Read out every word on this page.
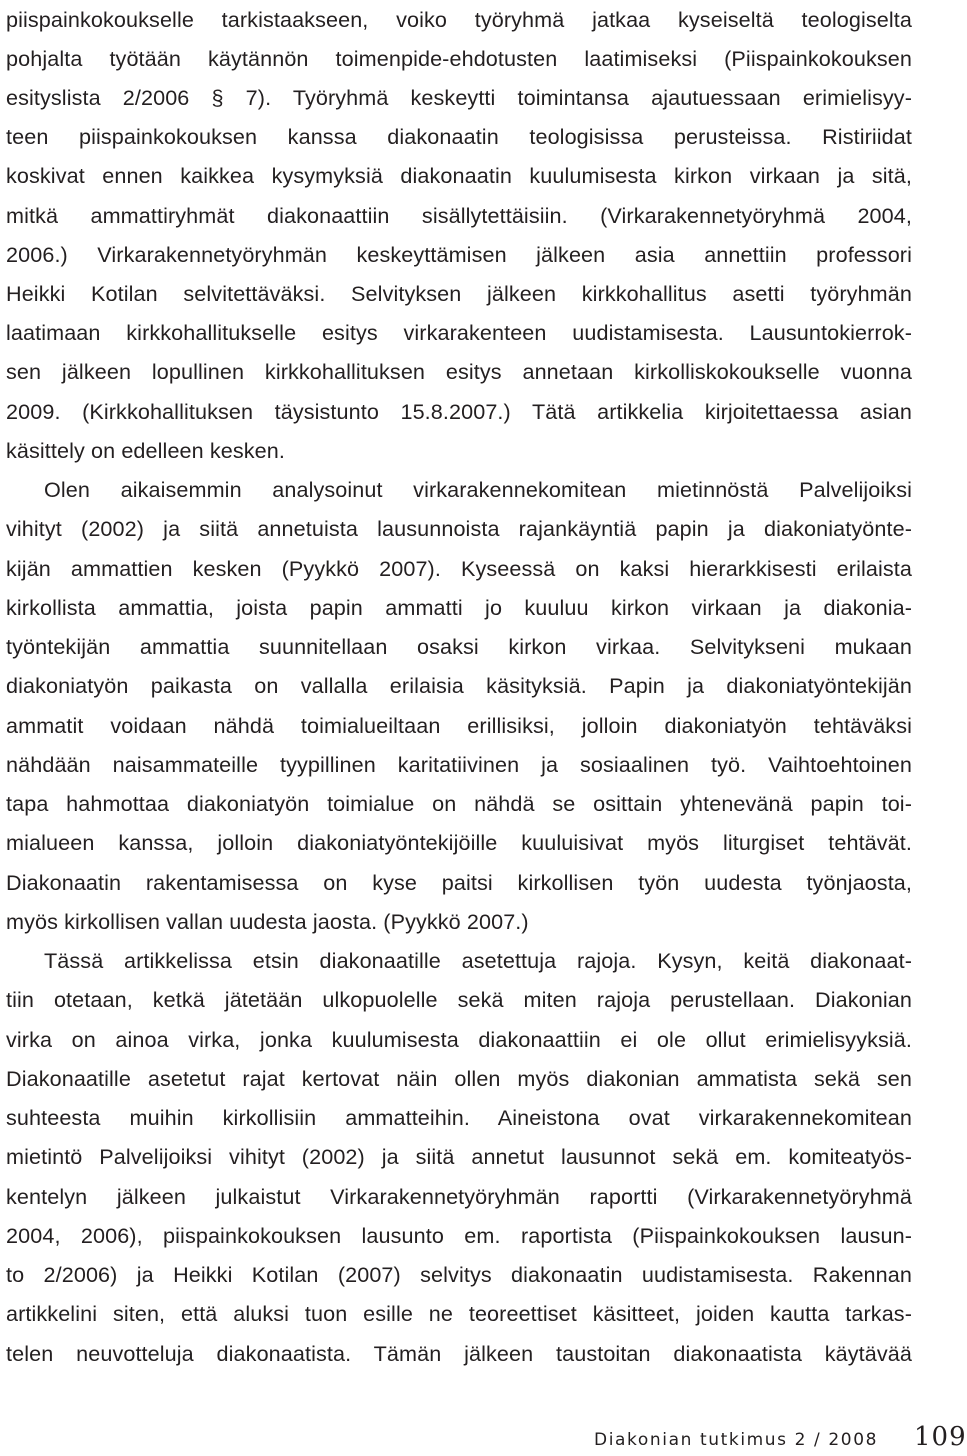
piispainkokoukselle tarkistaakseen, voiko työryhmä jatkaa kyseiseltä teologiselta
pohjalta työtään käytännön toimenpide-ehdotusten laatimiseksi (Piispainkokouksen
esityslista 2/2006 § 7). Työryhmä keskeytti toimintansa ajautuessaan erimielisyy-
teen piispainkokouksen kanssa diakonaatin teologisissa perusteissa. Ristiriidat
koskivat ennen kaikkea kysymyksiä diakonaatin kuulumisesta kirkon virkaan ja sitä,
mitkä ammattiryhmät diakonaattiin sisällytettäisiin. (Virkarakennetyöryhmä 2004,
2006.) Virkarakennetyöryhmän keskeyttämisen jälkeen asia annettiin professori
Heikki Kotilan selvitettäväksi. Selvityksen jälkeen kirkkohallitus asetti työryhmän
laatimaan kirkkohallitukselle esitys virkarakenteen uudistamisesta. Lausuntokierrok-
sen jälkeen lopullinen kirkkohallituksen esitys annetaan kirkolliskokoukselle vuonna
2009. (Kirkkohallituksen täysistunto 15.8.2007.) Tätä artikkelia kirjoitettaessa asian
käsittely on edelleen kesken.
Olen aikaisemmin analysoinut virkarakennekomitean mietinnöstä Palvelijoiksi
vihityt (2002) ja siitä annetuista lausunnoista rajankäyntiä papin ja diakoniatyönte-
kijän ammattien kesken (Pyykkö 2007). Kyseessä on kaksi hierarkkisesti erilaista
kirkollista ammattia, joista papin ammatti jo kuuluu kirkon virkaan ja diakonia-
työntekijän ammattia suunnitellaan osaksi kirkon virkaa. Selvitykseni mukaan
diakoniatyön paikasta on vallalla erilaisia käsityksiä. Papin ja diakoniatyöntekijän
ammatit voidaan nähdä toimialueiltaan erillisiksi, jolloin diakoniatyön tehtäväksi
nähdään naisammateille tyypillinen karitatiivinen ja sosiaalinen työ. Vaihtoehtoinen
tapa hahmottaa diakoniatyön toimialue on nähdä se osittain yhtenevänä papin toi-
mialueen kanssa, jolloin diakoniatyöntekijöille kuuluisivat myös liturgiset tehtävät.
Diakonaatin rakentamisessa on kyse paitsi kirkollisen työn uudesta työnjaosta,
myös kirkollisen vallan uudesta jaosta. (Pyykkö 2007.)
Tässä artikkelissa etsin diakonaatille asetettuja rajoja. Kysyn, keitä diakonaat-
tiin otetaan, ketkä jätetään ulkopuolelle sekä miten rajoja perustellaan. Diakonian
virka on ainoa virka, jonka kuulumisesta diakonaattiin ei ole ollut erimielisyyksiä.
Diakonaatille asetetut rajat kertovat näin ollen myös diakonian ammatista sekä sen
suhteesta muihin kirkollisiin ammatteihin. Aineistona ovat virkarakennekomitean
mietintö Palvelijoiksi vihityt (2002) ja siitä annetut lausunnot sekä em. komiteatyös-
kentelyn jälkeen julkaistut Virkarakennetyöryhmän raportti (Virkarakennetyöryhmä
2004, 2006), piispainkokouksen lausunto em. raportista (Piispainkokouksen lausun-
to 2/2006) ja Heikki Kotilan (2007) selvitys diakonaatin uudistamisesta. Rakennan
artikkelini siten, että aluksi tuon esille ne teoreettiset käsitteet, joiden kautta tarkas-
telen neuvotteluja diakonaatista. Tämän jälkeen taustoitan diakonaatista käytävää
Diakonian tutkimus 2 / 2008 109
